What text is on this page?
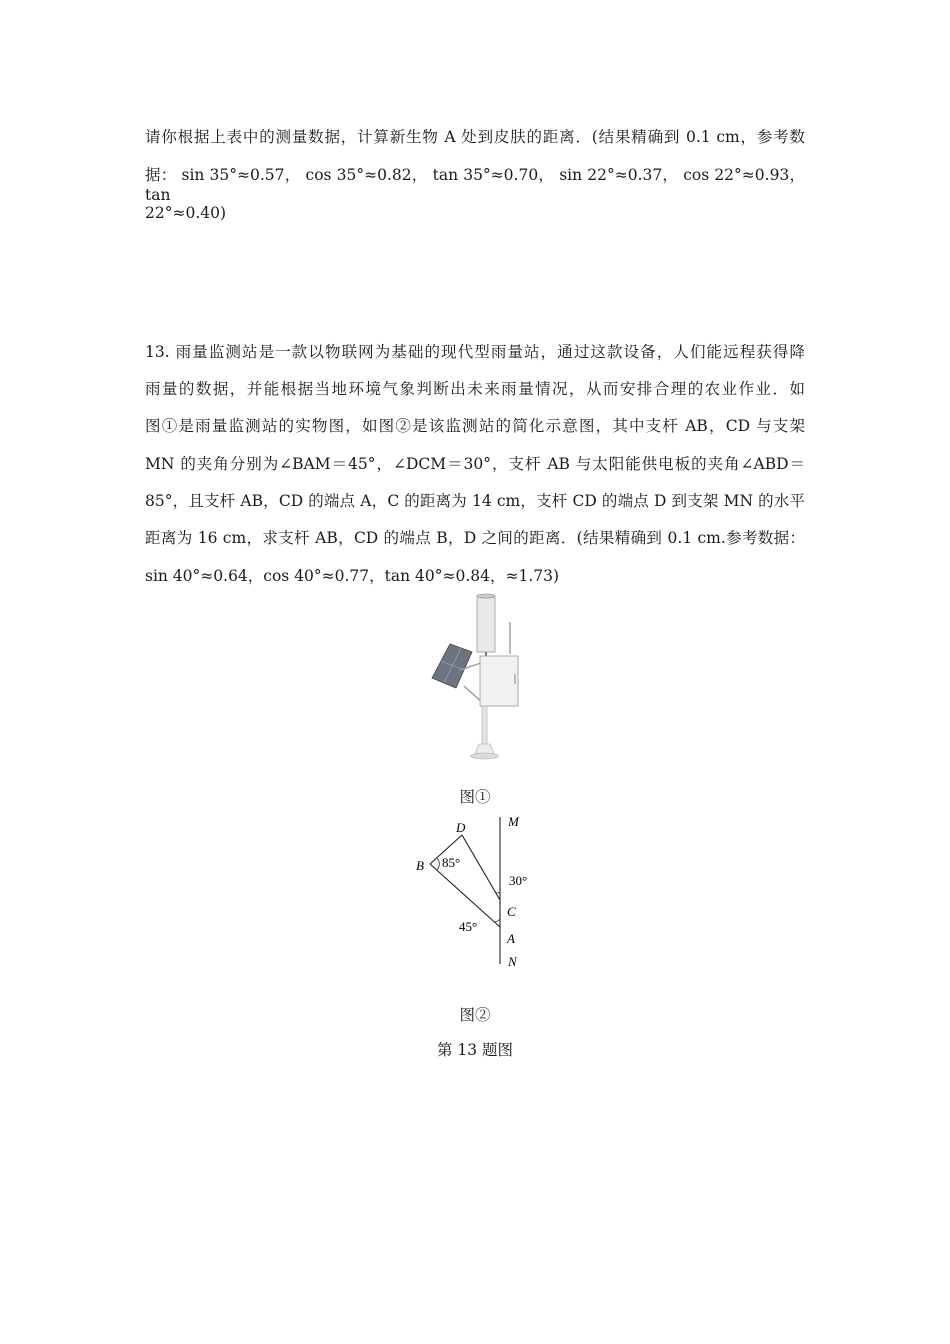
请你根据上表中的测量数据，计算新生物 A 处到皮肤的距离．(结果精确到 0.1 cm，参考数
据： sin 35°≈0.57， cos 35°≈0.82， tan 35°≈0.70， sin 22°≈0.37， cos 22°≈0.93， tan
22°≈0.40)
13. 雨量监测站是一款以物联网为基础的现代型雨量站，通过这款设备，人们能远程获得降
雨量的数据，并能根据当地环境气象判断出未来雨量情况，从而安排合理的农业作业．如
图①是雨量监测站的实物图，如图②是该监测站的简化示意图，其中支杆 AB，CD 与支架
MN 的夹角分别为∠BAM＝45°，∠DCM＝30°，支杆 AB 与太阳能供电板的夹角∠ABD＝
85°，且支杆 AB，CD 的端点 A，C 的距离为 14 cm，支杆 CD 的端点 D 到支架 MN 的水平
距离为 16 cm，求支杆 AB，CD 的端点 B，D 之间的距离．(结果精确到 0.1 cm.参考数据：
sin 40°≈0.64，cos 40°≈0.77，tan 40°≈0.84，≈1.73)
图①
D	M
B 85°
30°
C
45°
A
N
图②
第 13 题图
